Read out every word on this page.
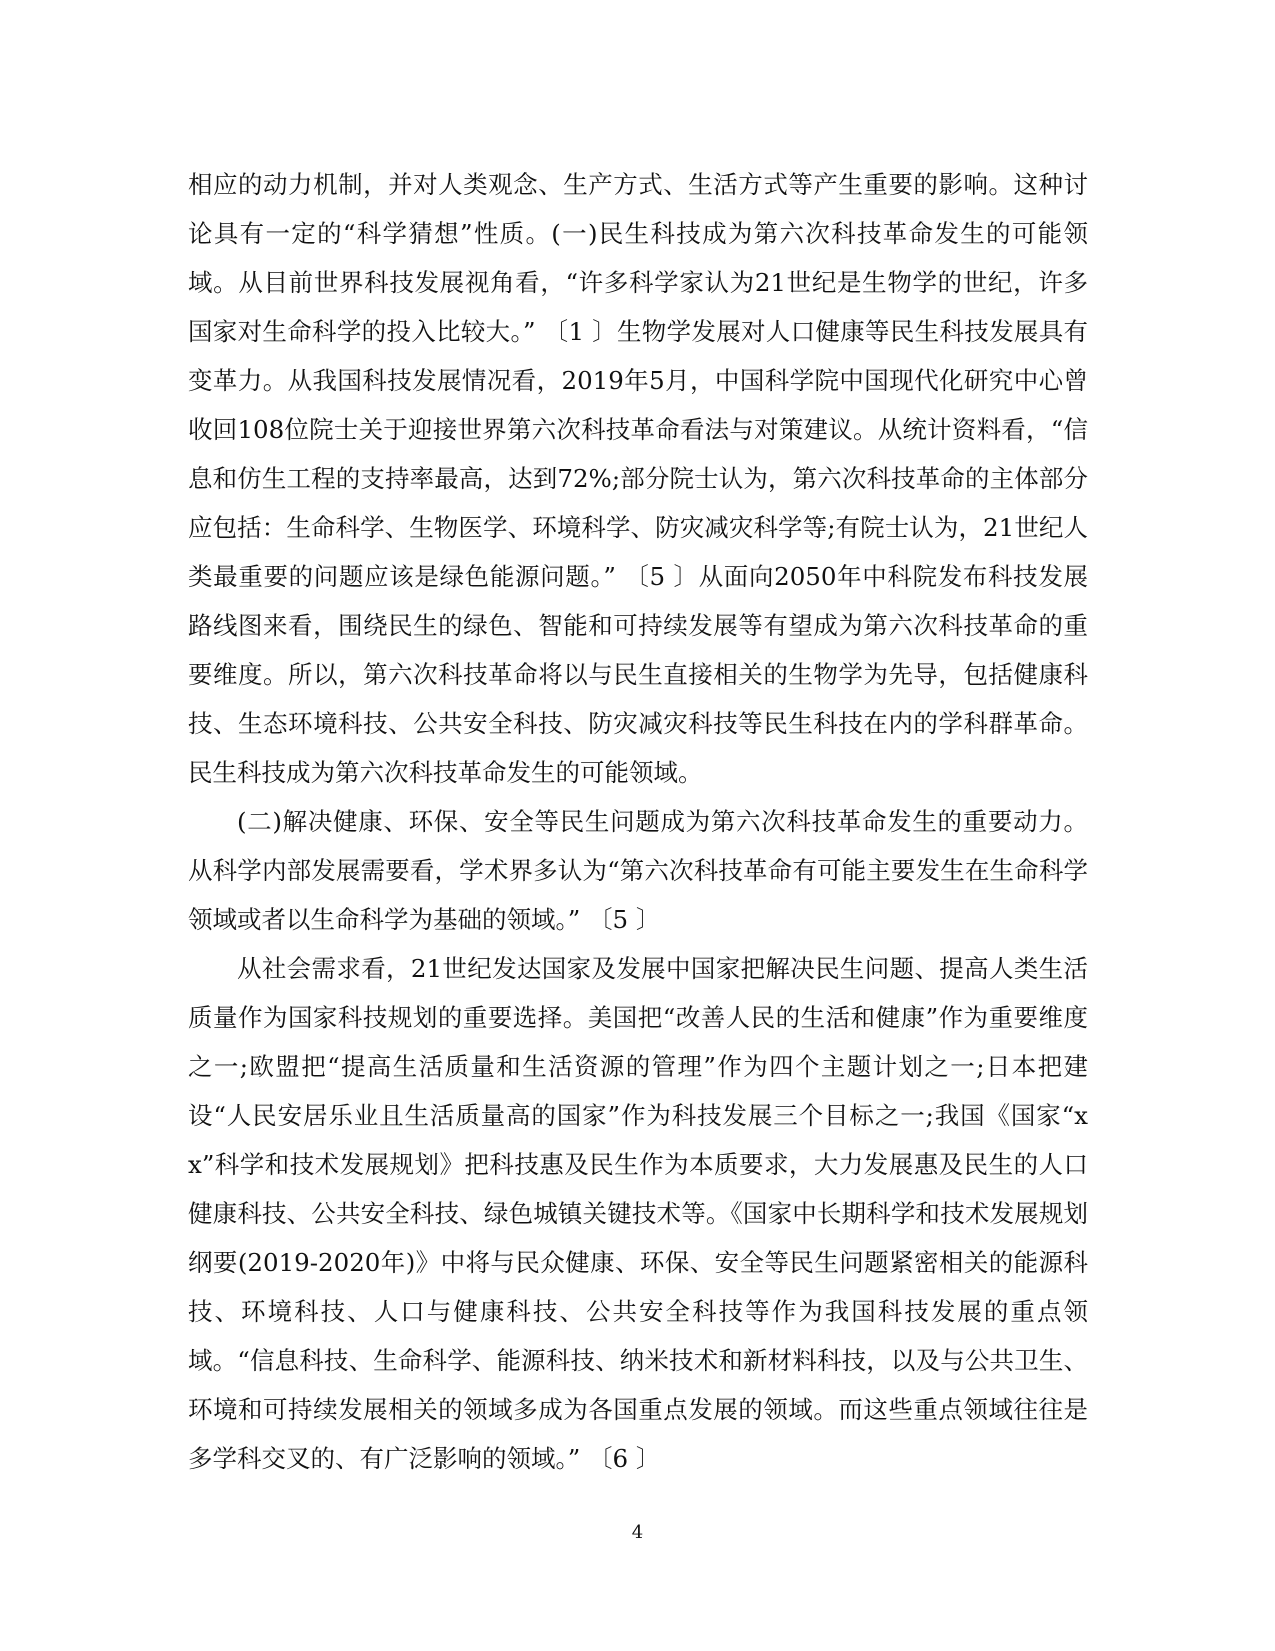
相应的动力机制，并对人类观念、生产方式、生活方式等产生重要的影响。这种讨论具有一定的“科学猜想”性质。(一)民生科技成为第六次科技革命发生的可能领域。从目前世界科技发展视角看，“许多科学家认为21世纪是生物学的世纪，许多国家对生命科学的投入比较大。” 〔1 〕生物学发展对人口健康等民生科技发展具有变革力。从我国科技发展情况看，2019年5月，中国科学院中国现代化研究中心曾收回108位院士关于迎接世界第六次科技革命看法与对策建议。从统计资料看，“信息和仿生工程的支持率最高，达到72%;部分院士认为，第六次科技革命的主体部分应包括：生命科学、生物医学、环境科学、防灾减灾科学等;有院士认为，21世纪人类最重要的问题应该是绿色能源问题。” 〔5 〕从面向2050年中科院发布科技发展路线图来看，围绕民生的绿色、智能和可持续发展等有望成为第六次科技革命的重要维度。所以，第六次科技革命将以与民生直接相关的生物学为先导，包括健康科技、生态环境科技、公共安全科技、防灾减灾科技等民生科技在内的学科群革命。民生科技成为第六次科技革命发生的可能领域。

(二)解决健康、环保、安全等民生问题成为第六次科技革命发生的重要动力。从科学内部发展需要看，学术界多认为“第六次科技革命有可能主要发生在生命科学领域或者以生命科学为基础的领域。” 〔5 〕

从社会需求看，21世纪发达国家及发展中国家把解决民生问题、提高人类生活质量作为国家科技规划的重要选择。美国把“改善人民的生活和健康”作为重要维度之一;欧盟把“提高生活质量和生活资源的管理”作为四个主题计划之一;日本把建设“人民安居乐业且生活质量高的国家”作为科技发展三个目标之一;我国《国家“xx”科学和技术发展规划》把科技惠及民生作为本质要求，大力发展惠及民生的人口健康科技、公共安全科技、绿色城镇关键技术等。《国家中长期科学和技术发展规划纲要(2019-2020年)》中将与民众健康、环保、安全等民生问题紧密相关的能源科技、环境科技、人口与健康科技、公共安全科技等作为我国科技发展的重点领域。“信息科技、生命科学、能源科技、纳米技术和新材料科技，以及与公共卫生、环境和可持续发展相关的领域多成为各国重点发展的领域。而这些重点领域往往是多学科交叉的、有广泛影响的领域。” 〔6 〕

4
